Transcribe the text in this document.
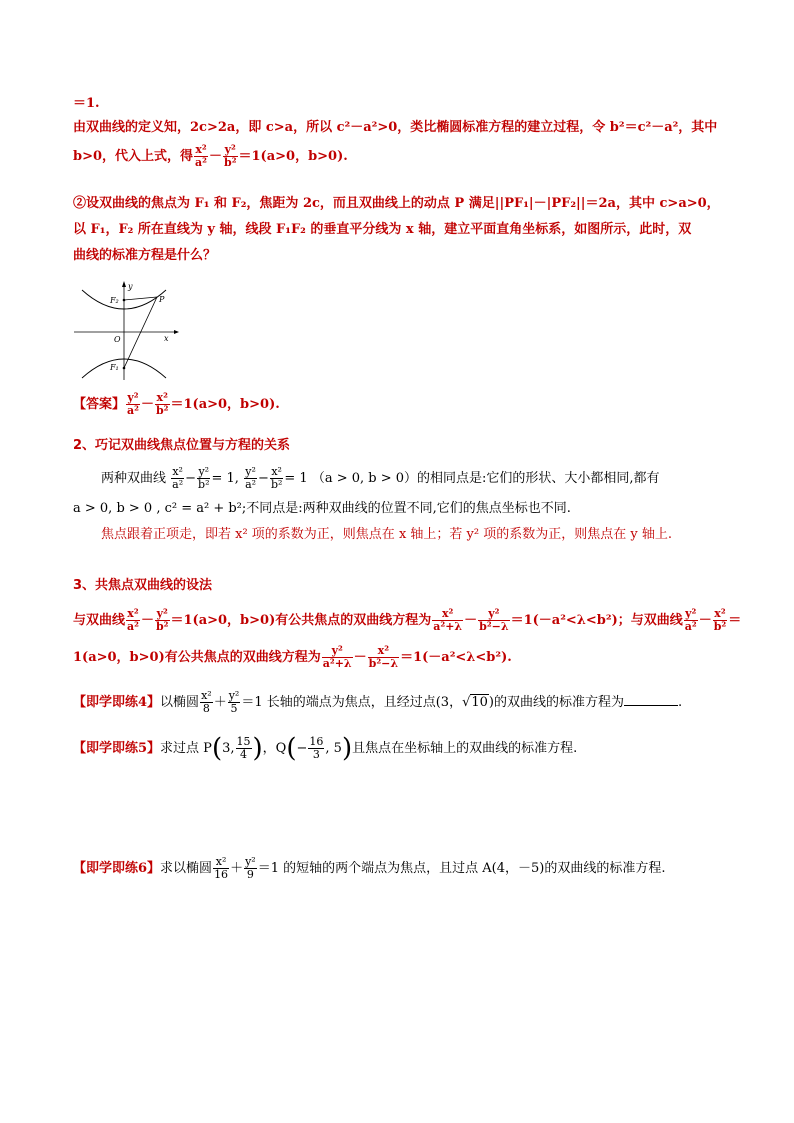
＝1.
由双曲线的定义知，2c>2a，即 c>a，所以 c²－a²>0，类比椭圆标准方程的建立过程，令 b²＝c²－a²，其中
b>0，代入上式，得 $\frac{\text{x²}}{\text{a²}} - \frac{\text{y²}}{\text{b²}} =1(a>0$，b>0).
②设双曲线的焦点为 F₁ 和 F₂，焦距为 2c，而且双曲线上的动点 P 满足||PF₁|－|PF₂||＝2a，其中 c>a>0，
以 F₁，F₂ 所在直线为 y 轴，线段 F₁F₂ 的垂直平分线为 x 轴，建立平面直角坐标系，如图所示，此时，双
曲线的标准方程是什么？
y
x
O
F₂
F₁
P
【答案】 $\frac{\text{y²}}{\text{a²}} - \frac{\text{x²}}{\text{b²}} =1(a>0$，b>0).
2、巧记双曲线焦点位置与方程的关系
两种双曲线 $\frac{\text{x²}}{\text{a²}} - \frac{\text{y²}}{\text{b²}} = 1$, $\frac{\text{y²}}{\text{a²}} - \frac{\text{x²}}{\text{b²}} = 1$ （a > 0, b > 0）的相同点是:它们的形状、大小都相同,都有
a > 0, b > 0 , c² = a² + b²;不同点是:两种双曲线的位置不同,它们的焦点坐标也不同.
焦点跟着正项走，即若 x² 项的系数为正，则焦点在 x 轴上；若 y² 项的系数为正，则焦点在 y 轴上.
3、共焦点双曲线的设法
与双曲线 $\frac{\text{x²}}{\text{a²}} - \frac{\text{y²}}{\text{b²}} =1(a>0$，b>0)有公共焦点的双曲线方程为 $\frac{\text{x²}}{\text{a²+λ}} - \frac{\text{y²}}{\text{b²−λ}} =1(-a^2<\lambda<b^2)$；与双曲线 $\frac{\text{y²}}{\text{a²}} - \frac{\text{x²}}{\text{b²}}$ ＝
1(a>0，b>0)有公共焦点的双曲线方程为 $\frac{\text{y²}}{\text{a²+λ}} - \frac{\text{x²}}{\text{b²−λ}} =1(-a^2<\lambda<b^2)$.
【即学即练4】以椭圆 $\frac{\text{x²}}{8} + \frac{\text{y²}}{5} =1$ 长轴的端点为焦点，且经过点(3，√10)的双曲线的标准方程为	.
【即学即练5】求过点 P(3, $\frac{15}{4}$ )，$Q(- \frac{16}{3}$ , 5)且焦点在坐标轴上的双曲线的标准方程.
【即学即练6】求以椭圆 $\frac{\text{x²}}{16} + \frac{\text{y²}}{9} =1$ 的短轴的两个端点为焦点，且过点 A(4，－5)的双曲线的标准方程.
